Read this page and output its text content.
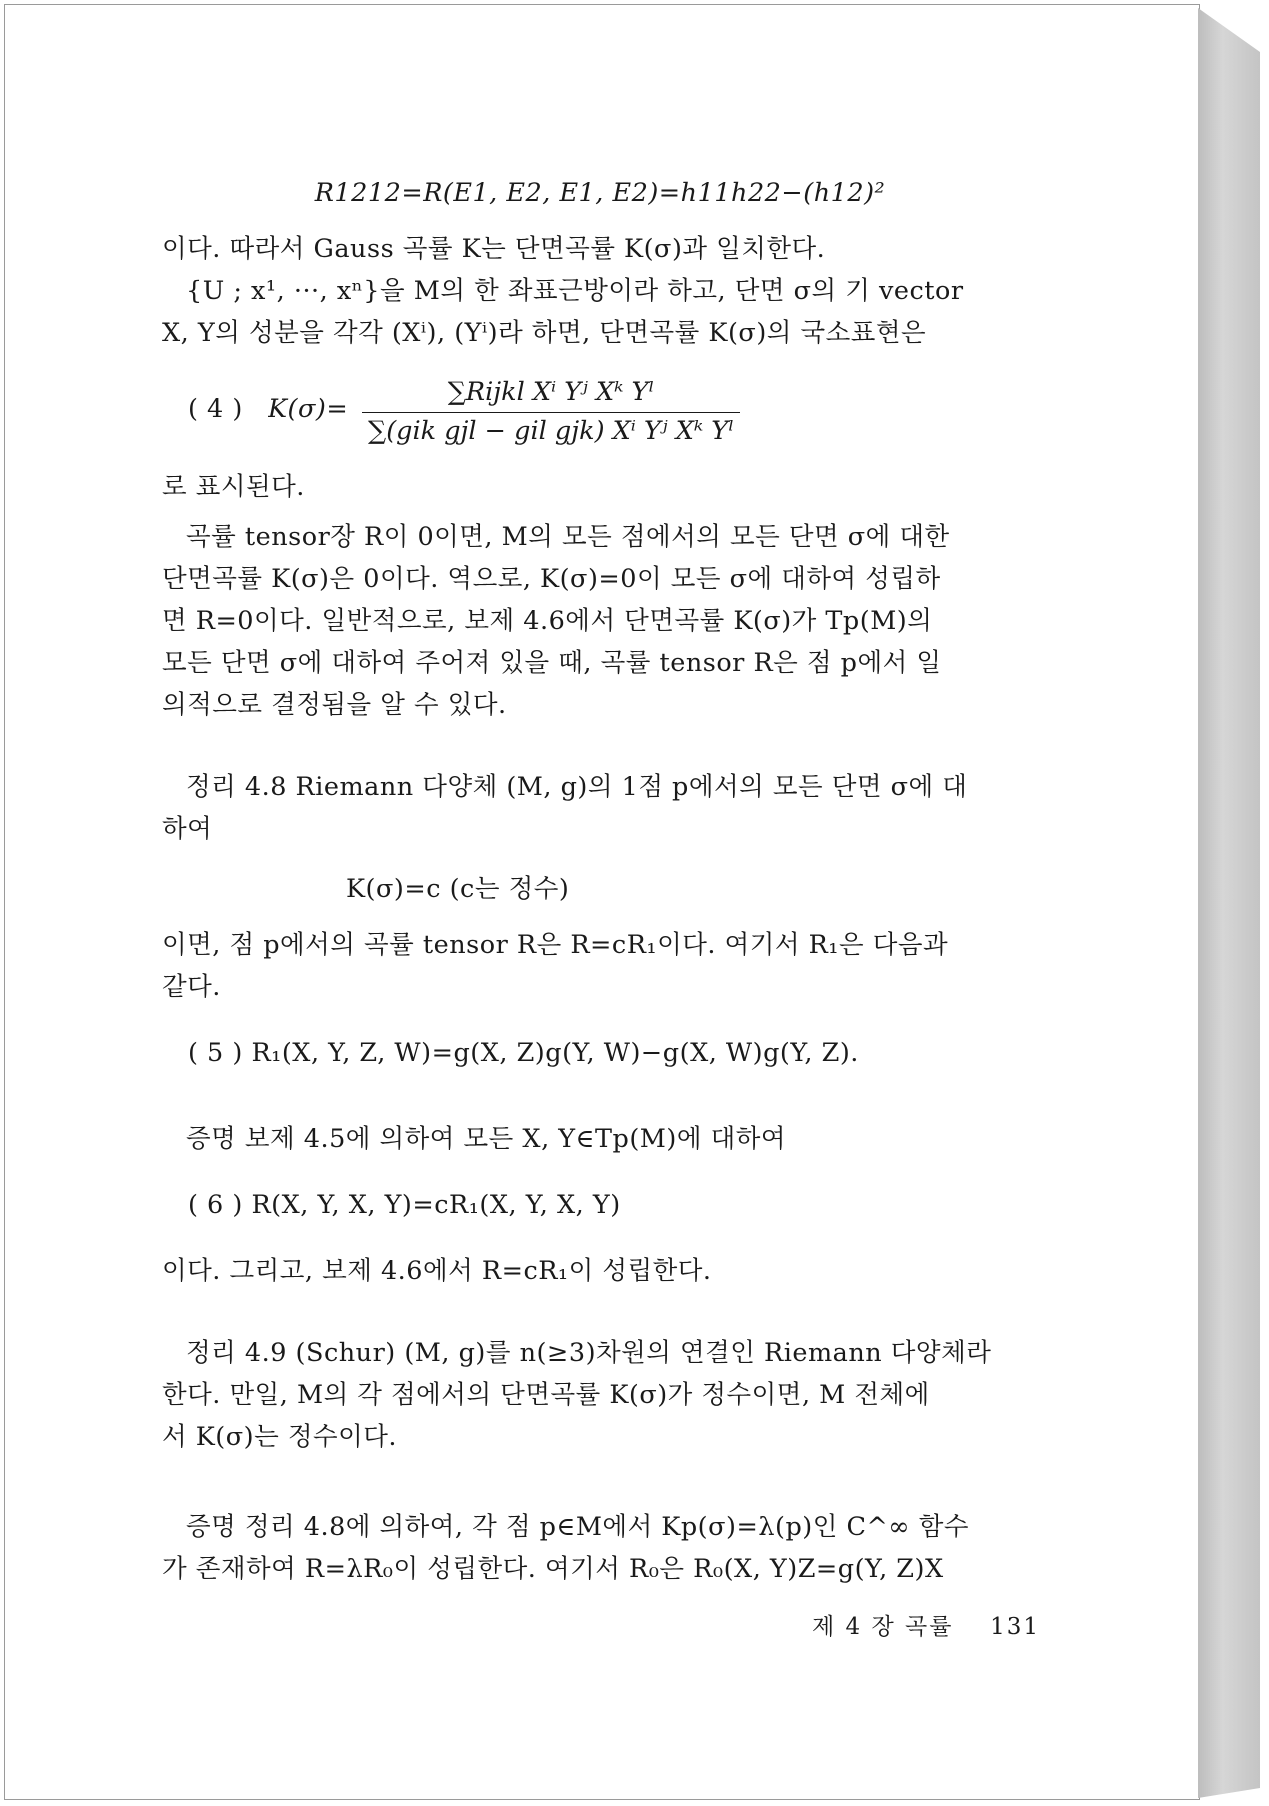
R1212=R(E1, E2, E1, E2)=h11h22−(h12)²
이다. 따라서 Gauss 곡률 K는 단면곡률 K(σ)과 일치한다.
{U ; x¹, ···, xⁿ}을 M의 한 좌표근방이라 하고, 단면 σ의 기 vector
X, Y의 성분을 각각 (Xⁱ), (Yⁱ)라 하면, 단면곡률 K(σ)의 국소표현은
( 4 ) K(σ)=
∑Rijkl Xⁱ Yʲ Xᵏ Yˡ
∑(gik gjl − gil gjk) Xⁱ Yʲ Xᵏ Yˡ
로 표시된다.
곡률 tensor장 R이 0이면, M의 모든 점에서의 모든 단면 σ에 대한
단면곡률 K(σ)은 0이다. 역으로, K(σ)=0이 모든 σ에 대하여 성립하
면 R=0이다. 일반적으로, 보제 4.6에서 단면곡률 K(σ)가 Tp(M)의
모든 단면 σ에 대하여 주어져 있을 때, 곡률 tensor R은 점 p에서 일
의적으로 결정됨을 알 수 있다.
정리 4.8 Riemann 다양체 (M, g)의 1점 p에서의 모든 단면 σ에 대
하여
K(σ)=c (c는 정수)
이면, 점 p에서의 곡률 tensor R은 R=cR₁이다. 여기서 R₁은 다음과
같다.
( 5 ) R₁(X, Y, Z, W)=g(X, Z)g(Y, W)−g(X, W)g(Y, Z).
증명 보제 4.5에 의하여 모든 X, Y∈Tp(M)에 대하여
( 6 ) R(X, Y, X, Y)=cR₁(X, Y, X, Y)
이다. 그리고, 보제 4.6에서 R=cR₁이 성립한다.
정리 4.9 (Schur) (M, g)를 n(≥3)차원의 연결인 Riemann 다양체라
한다. 만일, M의 각 점에서의 단면곡률 K(σ)가 정수이면, M 전체에
서 K(σ)는 정수이다.
증명 정리 4.8에 의하여, 각 점 p∈M에서 Kp(σ)=λ(p)인 C^∞ 함수
가 존재하여 R=λR₀이 성립한다. 여기서 R₀은 R₀(X, Y)Z=g(Y, Z)X
제 4 장 곡률 131
